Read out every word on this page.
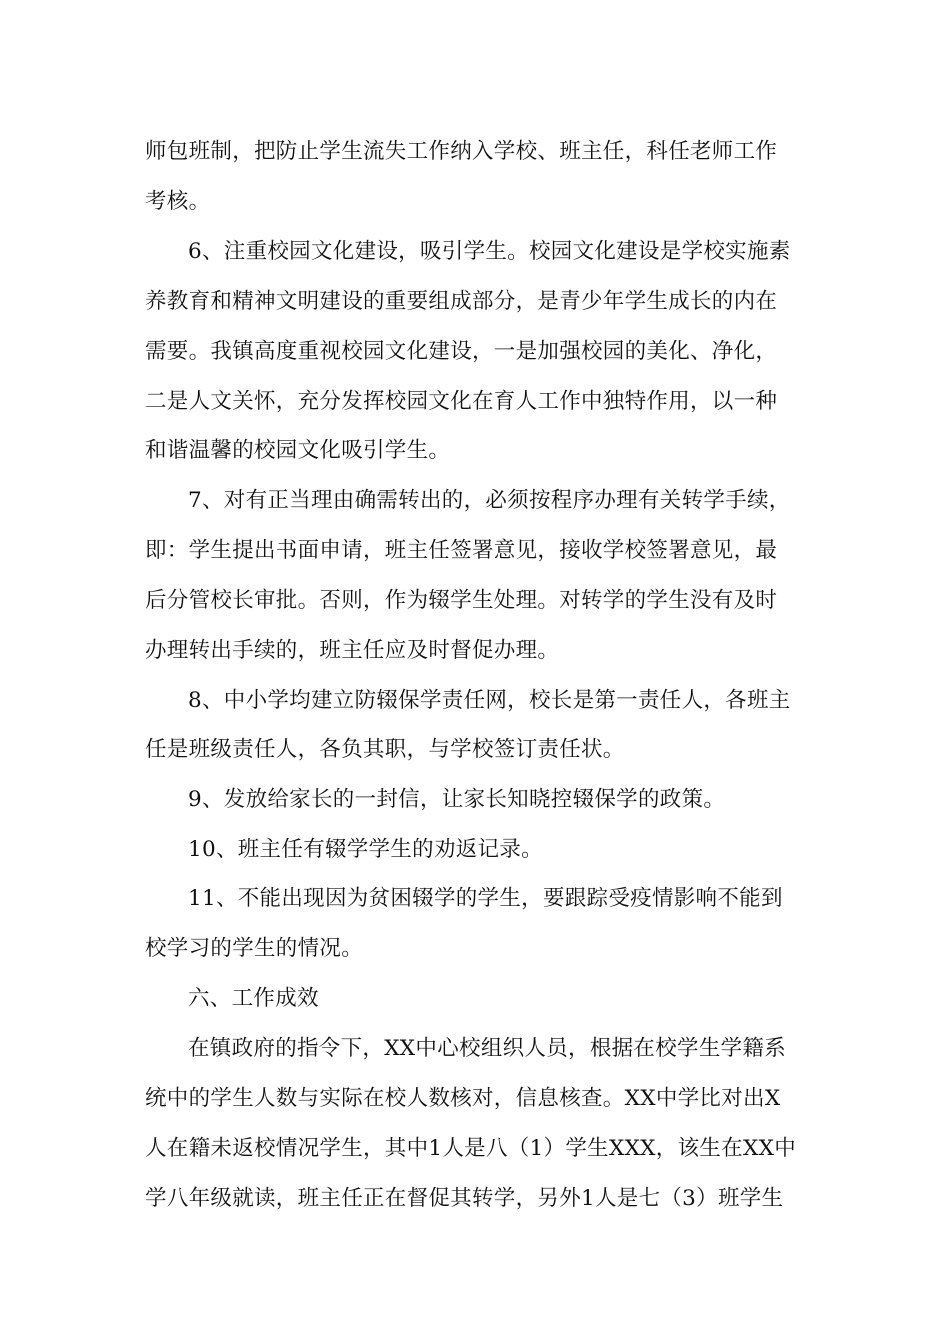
师包班制，把防止学生流失工作纳入学校、班主任，科任老师工作
考核。
6、注重校园文化建设，吸引学生。校园文化建设是学校实施素
养教育和精神文明建设的重要组成部分，是青少年学生成长的内在
需要。我镇高度重视校园文化建设，一是加强校园的美化、净化，
二是人文关怀，充分发挥校园文化在育人工作中独特作用，以一种
和谐温馨的校园文化吸引学生。
7、对有正当理由确需转出的，必须按程序办理有关转学手续，
即：学生提出书面申请，班主任签署意见，接收学校签署意见，最
后分管校长审批。否则，作为辍学生处理。对转学的学生没有及时
办理转出手续的，班主任应及时督促办理。
8、中小学均建立防辍保学责任网，校长是第一责任人，各班主
任是班级责任人，各负其职，与学校签订责任状。
9、发放给家长的一封信，让家长知晓控辍保学的政策。
10、班主任有辍学学生的劝返记录。
11、不能出现因为贫困辍学的学生，要跟踪受疫情影响不能到
校学习的学生的情况。
六、工作成效
在镇政府的指令下，XX中心校组织人员，根据在校学生学籍系
统中的学生人数与实际在校人数核对，信息核查。XX中学比对出X
人在籍未返校情况学生，其中1人是八（1）学生XXX，该生在XX中
学八年级就读，班主任正在督促其转学，另外1人是七（3）班学生
